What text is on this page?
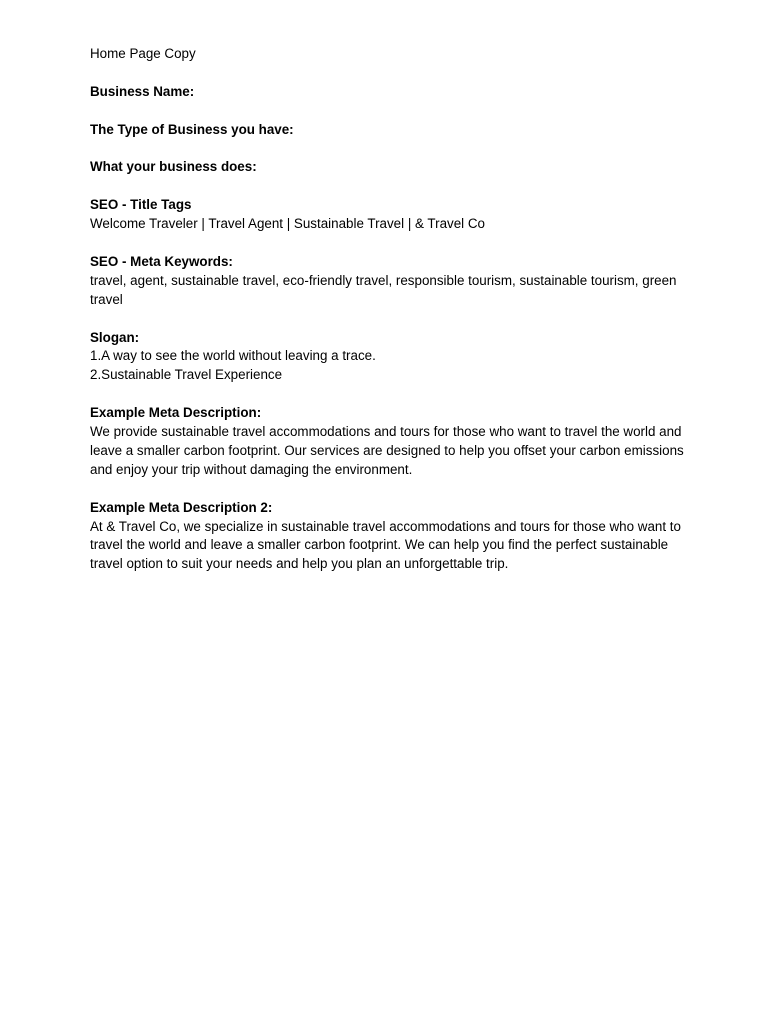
Home Page Copy

Business Name:
The Type of Business you have:
What your business does:
SEO - Title Tags
Welcome Traveler | Travel Agent | Sustainable Travel | & Travel Co
SEO - Meta Keywords:
travel, agent, sustainable travel, eco-friendly travel, responsible tourism, sustainable tourism, green travel
Slogan:
1.A way to see the world without leaving a trace.
2.Sustainable Travel Experience
Example Meta Description:
We provide sustainable travel accommodations and tours for those who want to travel the world and leave a smaller carbon footprint. Our services are designed to help you offset your carbon emissions and enjoy your trip without damaging the environment.
Example Meta Description 2:
At & Travel Co, we specialize in sustainable travel accommodations and tours for those who want to travel the world and leave a smaller carbon footprint. We can help you find the perfect sustainable travel option to suit your needs and help you plan an unforgettable trip.
